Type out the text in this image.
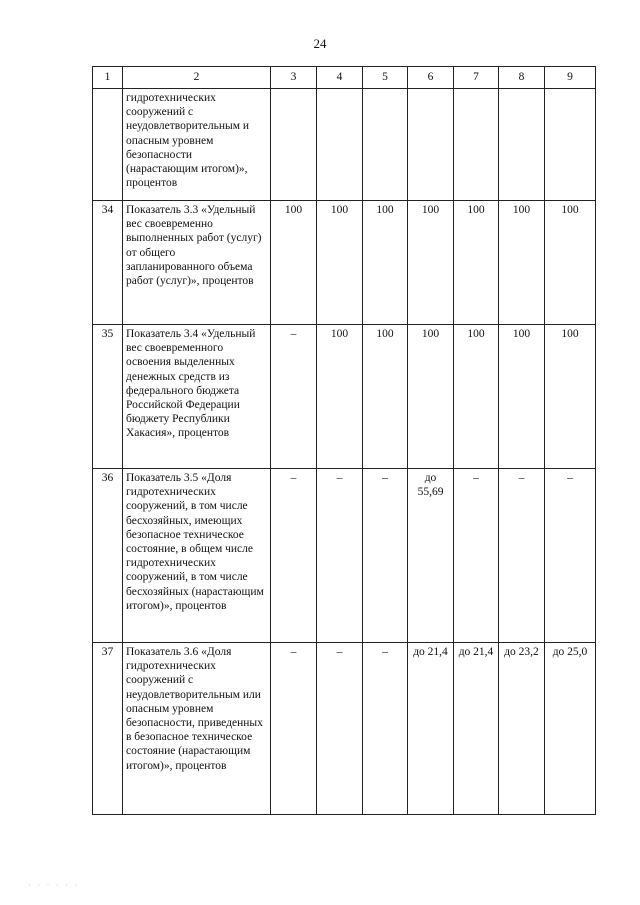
24
1	2	3	4	5	6	7	8	9
	гидротехнических сооружений с неудовлетворительным и опасным уровнем безопасности (нарастающим итогом)», процентов							
34	Показатель 3.3 «Удельный вес своевременно выполненных работ (услуг) от общего запланированного объема работ (услуг)», процентов	100	100	100	100	100	100	100
35	Показатель 3.4 «Удельный вес своевременного освоения выделенных денежных средств из федерального бюджета Российской Федерации бюджету Республики Хакасия», процентов	–	100	100	100	100	100	100
36	Показатель 3.5 «Доля гидротехнических сооружений, в том числе бесхозяйных, имеющих безопасное техническое состояние, в общем числе гидротехнических сооружений, в том числе бесхозяйных (нарастающим итогом)», процентов	–	–	–	до 55,69	–	–	–
37	Показатель 3.6 «Доля гидротехнических сооружений с неудовлетворительным или опасным уровнем безопасности, приведенных в безопасное техническое состояние (нарастающим итогом)», процентов	–	–	–	до 21,4	до 21,4	до 23,2	до 25,0
· · · · · ·
